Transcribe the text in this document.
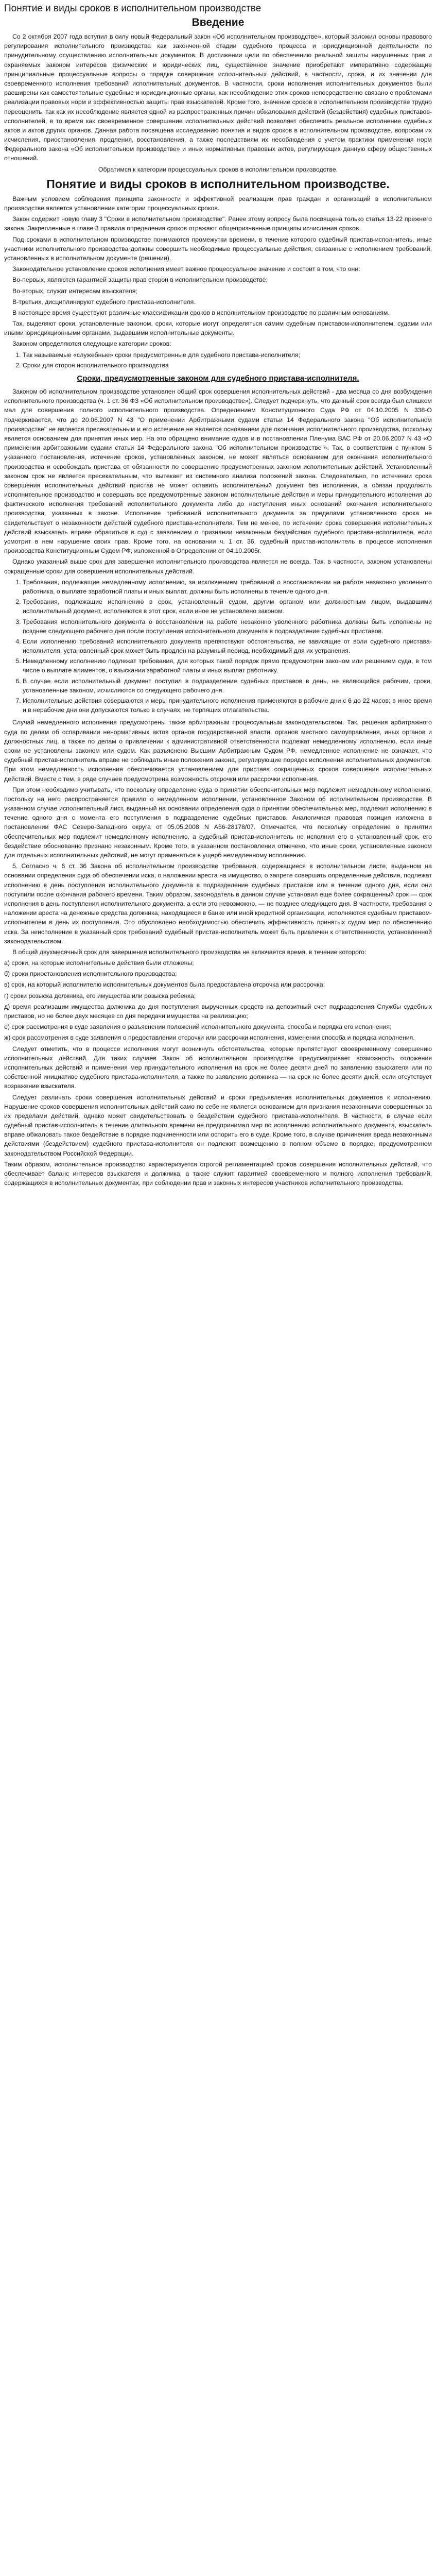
Понятие и виды сроков в исполнительном производстве
Введение

Со 2 октября 2007 года вступил в силу новый Федеральный закон «Об исполнительном производстве», который заложил основы правового регулирования исполнительного производства как законченной стадии судебного процесса и юрисдикционной деятельности по принудительному осуществлению исполнительных документов. В достижении цели по обеспечению реальной защиты нарушенных прав и охраняемых законом интересов физических и юридических лиц, существенное значение приобретают императивно содержащие принципиальные процессуальные вопросы о порядке совершения исполнительных действий, в частности, срока, и их значении для своевременного исполнения требований исполнительных документов. В частности, сроки исполнения исполнительных документов были расширены как самостоятельные судебные и юрисдикционные органы, как несоблюдение этих сроков непосредственно связано с проблемами реализации правовых норм и эффективностью защиты прав взыскателей. Кроме того, значение сроков в исполнительном производстве трудно переоценить, так как их несоблюдение является одной из распространенных причин обжалования действий (бездействия) судебных приставов-исполнителей, в то время как своевременное совершение исполнительных действий позволяет обеспечить реальное исполнение судебных актов и актов других органов. Данная работа посвящена исследованию понятия и видов сроков в исполнительном производстве, вопросам их исчисления, приостановления, продления, восстановления, а также последствиям их несоблюдения с учетом практики применения норм Федерального закона «Об исполнительном производстве» и иных нормативных правовых актов, регулирующих данную сферу общественных отношений.

Обратимся к категории процессуальных сроков в исполнительном производстве.

Понятие и виды сроков в исполнительном производстве.

Важным условием соблюдения принципа законности и эффективной реализации прав граждан и организаций в исполнительном производстве является установление категории процессуальных сроков.

Закон содержит новую главу 3 "Сроки в исполнительном производстве". Ранее этому вопросу была посвящена только статья 13-22 прежнего закона. Закрепленные в главе 3 правила определения сроков отражают общепризнанные принципы исчисления сроков.

Под сроками в исполнительном производстве понимаются промежутки времени, в течение которого судебный пристав-исполнитель, иные участники исполнительного производства должны совершить необходимые процессуальные действия, связанные с исполнением требований, установленных в исполнительном документе (решении).

Законодательное установление сроков исполнения имеет важное процессуальное значение и состоит в том, что они:

Во-первых, являются гарантией защиты прав сторон в исполнительном производстве;

Во-вторых, служат интересам взыскателя;

В-третьих, дисциплинируют судебного пристава-исполнителя.

В настоящее время существуют различные классификации сроков в исполнительном производстве по различным основаниям.

Так, выделяют сроки, установленные законом, сроки, которые могут определяться самим судебным приставом-исполнителем, судами или иными юрисдикционными органами, выдавшими исполнительные документы.

Законом определяются следующие категории сроков:

1. Так называемые «служебные» сроки предусмотренные для судебного пристава-исполнителя;
2. Сроки для сторон исполнительного производства
Сроки, предусмотренные законом для судебного пристава-исполнителя.

Законом об исполнительном производстве установлен общий срок совершения исполнительных действий - два месяца со дня возбуждения исполнительного производства (ч. 1 ст. 36 ФЗ «Об исполнительном производстве»). Следует подчеркнуть, что данный срок всегда был слишком мал для совершения полного исполнительного производства. Определением Конституционного Суда РФ от 04.10.2005 N 338-О подчеркивается, что до 20.06.2007 N 43 "О применении Арбитражными судами статьи 14 Федерального закона "Об исполнительном производстве" не является пресекательным и его истечение не является основанием для окончания исполнительного производства, поскольку является основанием для принятия иных мер. На это обращено внимание судов и в постановлении Пленума ВАС РФ от 20.06.2007 N 43 «О применении арбитражными судами статьи 14 Федерального закона "Об исполнительном производстве"». Так, в соответствии с пунктом 5 указанного постановления, истечение сроков, установленных законом, не может являться основанием для окончания исполнительного производства и освобождать пристава от обязанности по совершению предусмотренных законом исполнительных действий. Установленный законом срок не является пресекательным, что вытекает из системного анализа положений закона. Следовательно, по истечении срока совершения исполнительных действий пристав не может оставить исполнительный документ без исполнения, а обязан продолжить исполнительное производство и совершать все предусмотренные законом исполнительные действия и меры принудительного исполнения до фактического исполнения требований исполнительного документа либо до наступления иных оснований окончания исполнительного производства, указанных в законе. Исполнение требований исполнительного документа за пределами установленного срока не свидетельствует о незаконности действий судебного пристава-исполнителя. Тем не менее, по истечении срока совершения исполнительных действий взыскатель вправе обратиться в суд с заявлением о признании незаконным бездействия судебного пристава-исполнителя, если усмотрит в нем нарушение своих прав. Кроме того, на основании ч. 1 ст. 36, судебный пристав-исполнитель в процессе исполнения производства Конституционным Судом РФ, изложенной в Определении от 04.10.2005г.

Однако указанный выше срок для завершения исполнительного производства является не всегда. Так, в частности, законом установлены сокращенные сроки для совершения исполнительных действий.

1. Требования, подлежащие немедленному исполнению, за исключением требований о восстановлении на работе незаконно уволенного работника, о выплате заработной платы и иных выплат, должны быть исполнены в течение одного дня.
2. Требования, подлежащие исполнению в срок, установленный судом, другим органом или должностным лицом, выдавшими исполнительный документ, исполняются в этот срок, если иное не установлено законом.
3. Требования исполнительного документа о восстановлении на работе незаконно уволенного работника должны быть исполнены не позднее следующего рабочего дня после поступления исполнительного документа в подразделение судебных приставов.
4. Если исполнению требований исполнительного документа препятствуют обстоятельства, не зависящие от воли судебного пристава-исполнителя, установленный срок может быть продлен на разумный период, необходимый для их устранения.
5. Немедленному исполнению подлежат требования, для которых такой порядок прямо предусмотрен законом или решением суда, в том числе о выплате алиментов, о взыскании заработной платы и иных выплат работнику.
6. В случае если исполнительный документ поступил в подразделение судебных приставов в день, не являющийся рабочим, сроки, установленные законом, исчисляются со следующего рабочего дня.
7. Исполнительные действия совершаются и меры принудительного исполнения применяются в рабочие дни с 6 до 22 часов; в иное время и в нерабочие дни они допускаются только в случаях, не терпящих отлагательства.

Случай немедленного исполнения предусмотрены также арбитражным процессуальным законодательством. Так, решения арбитражного суда по делам об оспаривании ненормативных актов органов государственной власти, органов местного самоуправления, иных органов и должностных лиц, а также по делам о привлечении к административной ответственности подлежат немедленному исполнению, если иные сроки не установлены законом или судом. Как разъяснено Высшим Арбитражным Судом РФ, немедленное исполнение не означает, что судебный пристав-исполнитель вправе не соблюдать иные положения закона, регулирующие порядок исполнения исполнительных документов. При этом немедленность исполнения обеспечивается установлением для пристава сокращенных сроков совершения исполнительных действий. Вместе с тем, в ряде случаев предусмотрена возможность отсрочки или рассрочки исполнения.

При этом необходимо учитывать, что поскольку определение суда о принятии обеспечительных мер подлежит немедленному исполнению, постольку на него распространяется правило о немедленном исполнении, установленное Законом об исполнительном производстве. В указанном случае исполнительный лист, выданный на основании определения суда о принятии обеспечительных мер, подлежит исполнению в течение одного дня с момента его поступления в подразделение судебных приставов. Аналогичная правовая позиция изложена в постановлении ФАС Северо-Западного округа от 05.05.2008 N А56-28178/07. Отмечается, что поскольку определение о принятии обеспечительных мер подлежит немедленному исполнению, а судебный пристав-исполнитель не исполнил его в установленный срок, его бездействие обоснованно признано незаконным. Кроме того, в указанном постановлении отмечено, что иные сроки, установленные законом для отдельных исполнительных действий, не могут применяться в ущерб немедленному исполнению.

5. Согласно ч. 6 ст. 36 Закона об исполнительном производстве требования, содержащиеся в исполнительном листе, выданном на основании определения суда об обеспечении иска, о наложении ареста на имущество, о запрете совершать определенные действия, подлежат исполнению в день поступления исполнительного документа в подразделение судебных приставов или в течение одного дня, если они поступили после окончания рабочего времени. Таким образом, законодатель в данном случае установил еще более сокращенный срок — срок исполнения в день поступления исполнительного документа, а если это невозможно, — не позднее следующего дня. В частности, требования о наложении ареста на денежные средства должника, находящиеся в банке или иной кредитной организации, исполняются судебным приставом-исполнителем в день их поступления. Это обусловлено необходимостью обеспечить эффективность принятых судом мер по обеспечению иска. За неисполнение в указанный срок требований судебный пристав-исполнитель может быть привлечен к ответственности, установленной законодательством.

В общий двухмесячный срок для завершения исполнительного производства не включается время, в течение которого:

а) сроки, на которые исполнительные действия были отложены;

б) сроки приостановления исполнительного производства;

в) срок, на который исполнителю исполнительных документов была предоставлена отсрочка или рассрочка;

г) сроки розыска должника, его имущества или розыска ребенка;

д) время реализации имущества должника до дня поступления вырученных средств на депозитный счет подразделения Службы судебных приставов, но не более двух месяцев со дня передачи имущества на реализацию;

е) срок рассмотрения в суде заявления о разъяснении положений исполнительного документа, способа и порядка его исполнения;

ж) срок рассмотрения в суде заявления о предоставлении отсрочки или рассрочки исполнения, изменении способа и порядка исполнения.

Следует отметить, что в процессе исполнения могут возникнуть обстоятельства, которые препятствуют своевременному совершению исполнительных действий. Для таких случаев Закон об исполнительном производстве предусматривает возможность отложения исполнительных действий и применения мер принудительного исполнения на срок не более десяти дней по заявлению взыскателя или по собственной инициативе судебного пристава-исполнителя, а также по заявлению должника — на срок не более десяти дней, если отсутствует возражение взыскателя.

Следует различать сроки совершения исполнительных действий и сроки предъявления исполнительных документов к исполнению. Нарушение сроков совершения исполнительных действий само по себе не является основанием для признания незаконными совершенных за их пределами действий, однако может свидетельствовать о бездействии судебного пристава-исполнителя. В частности, в случае если судебный пристав-исполнитель в течение длительного времени не предпринимал мер по исполнению исполнительного документа, взыскатель вправе обжаловать такое бездействие в порядке подчиненности или оспорить его в суде. Кроме того, в случае причинения вреда незаконными действиями (бездействием) судебного пристава-исполнителя он подлежит возмещению в полном объеме в порядке, предусмотренном законодательством Российской Федерации.

Таким образом, исполнительное производство характеризуется строгой регламентацией сроков совершения исполнительных действий, что обеспечивает баланс интересов взыскателя и должника, а также служит гарантией своевременного и полного исполнения требований, содержащихся в исполнительных документах, при соблюдении прав и законных интересов участников исполнительного производства.
